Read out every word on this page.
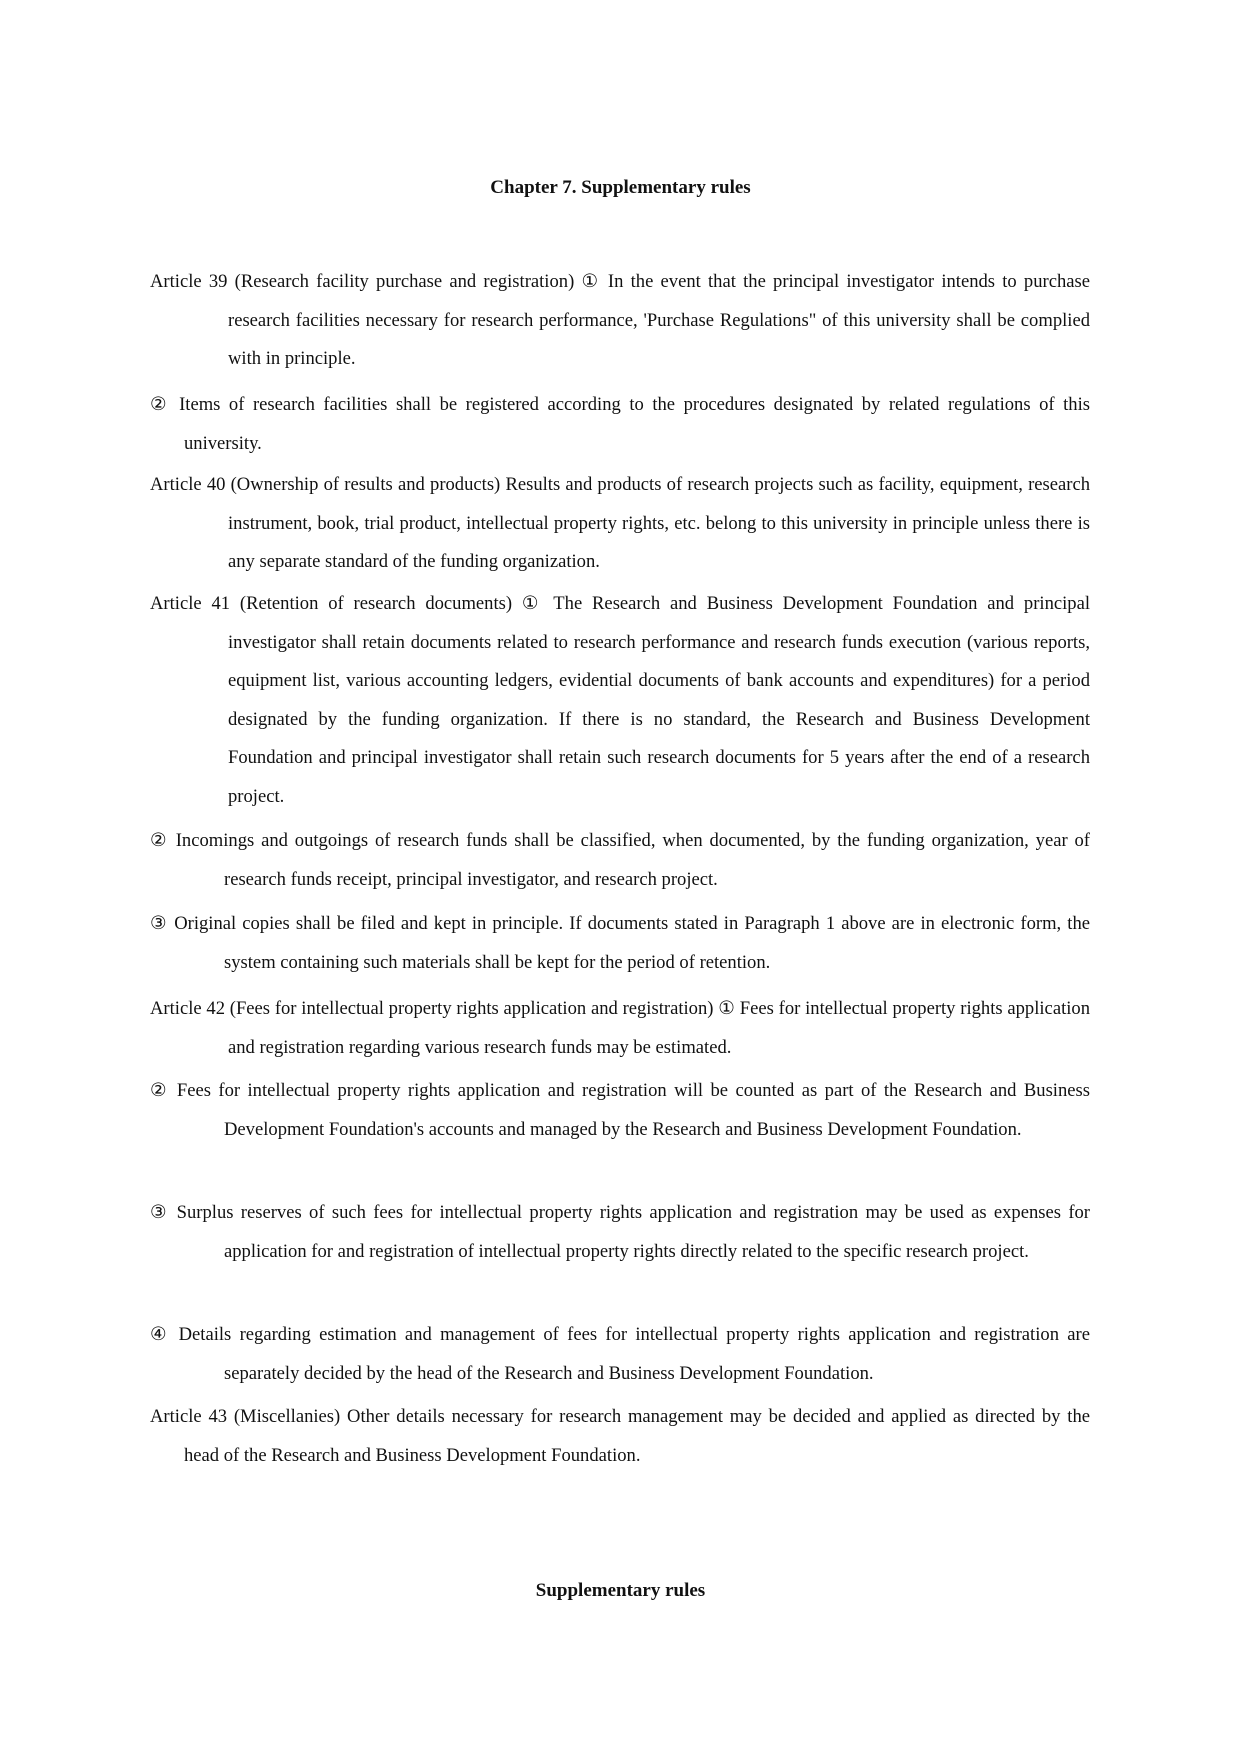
Chapter 7. Supplementary rules
Article 39 (Research facility purchase and registration) ① In the event that the principal investigator intends to purchase research facilities necessary for research performance, 'Purchase Regulations" of this university shall be complied with in principle.
② Items of research facilities shall be registered according to the procedures designated by related regulations of this university.
Article 40 (Ownership of results and products) Results and products of research projects such as facility, equipment, research instrument, book, trial product, intellectual property rights, etc. belong to this university in principle unless there is any separate standard of the funding organization.
Article 41 (Retention of research documents) ① The Research and Business Development Foundation and principal investigator shall retain documents related to research performance and research funds execution (various reports, equipment list, various accounting ledgers, evidential documents of bank accounts and expenditures) for a period designated by the funding organization. If there is no standard, the Research and Business Development Foundation and principal investigator shall retain such research documents for 5 years after the end of a research project.
② Incomings and outgoings of research funds shall be classified, when documented, by the funding organization, year of research funds receipt, principal investigator, and research project.
③ Original copies shall be filed and kept in principle. If documents stated in Paragraph 1 above are in electronic form, the system containing such materials shall be kept for the period of retention.
Article 42 (Fees for intellectual property rights application and registration) ① Fees for intellectual property rights application and registration regarding various research funds may be estimated.
② Fees for intellectual property rights application and registration will be counted as part of the Research and Business Development Foundation's accounts and managed by the Research and Business Development Foundation.
③ Surplus reserves of such fees for intellectual property rights application and registration may be used as expenses for application for and registration of intellectual property rights directly related to the specific research project.
④ Details regarding estimation and management of fees for intellectual property rights application and registration are separately decided by the head of the Research and Business Development Foundation.
Article 43 (Miscellanies) Other details necessary for research management may be decided and applied as directed by the head of the Research and Business Development Foundation.
Supplementary rules
